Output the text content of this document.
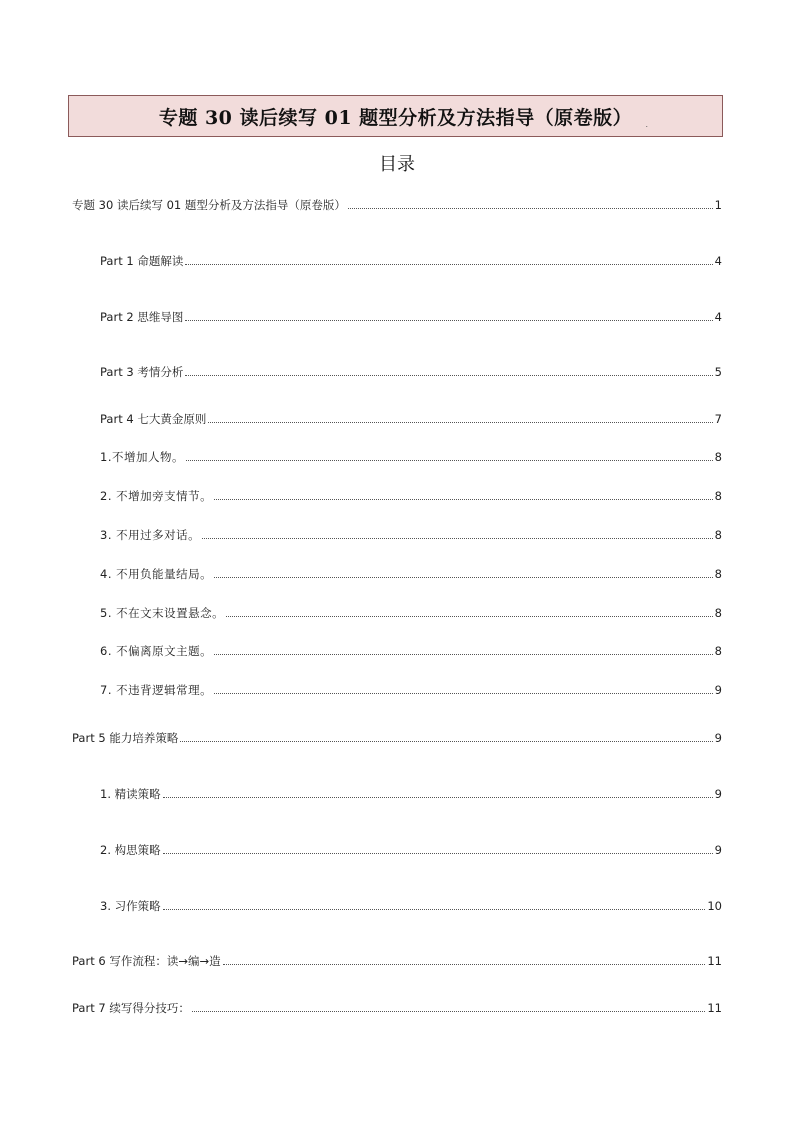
专题 30 读后续写 01 题型分析及方法指导（原卷版） .
目录
专题 30 读后续写 01 题型分析及方法指导（原卷版）	1
Part 1 命题解读	4
Part 2 思维导图	4
Part 3 考情分析	5
Part 4 七大黄金原则	7
1.不增加人物。	8
2. 不增加旁支情节。	8
3. 不用过多对话。	8
4. 不用负能量结局。	8
5. 不在文末设置悬念。	8
6. 不偏离原文主题。	8
7. 不违背逻辑常理。	9
Part 5 能力培养策略	9
1. 精读策略	9
2. 构思策略	9
3. 习作策略	10
Part 6 写作流程：读→编→造	11
Part 7 续写得分技巧：	11
